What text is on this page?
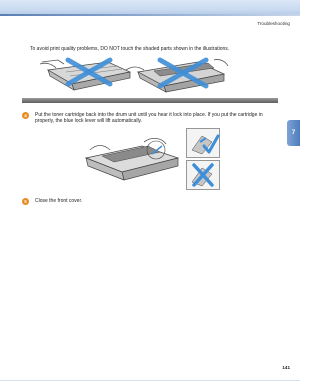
Troubleshooting
7
To avoid print quality problems, DO NOT touch the shaded parts shown in the illustrations.
4	Put the toner cartridge back into the drum unit until you hear it lock into place. If you put the cartridge in properly, the blue lock lever will lift automatically.
5	Close the front cover.
141
